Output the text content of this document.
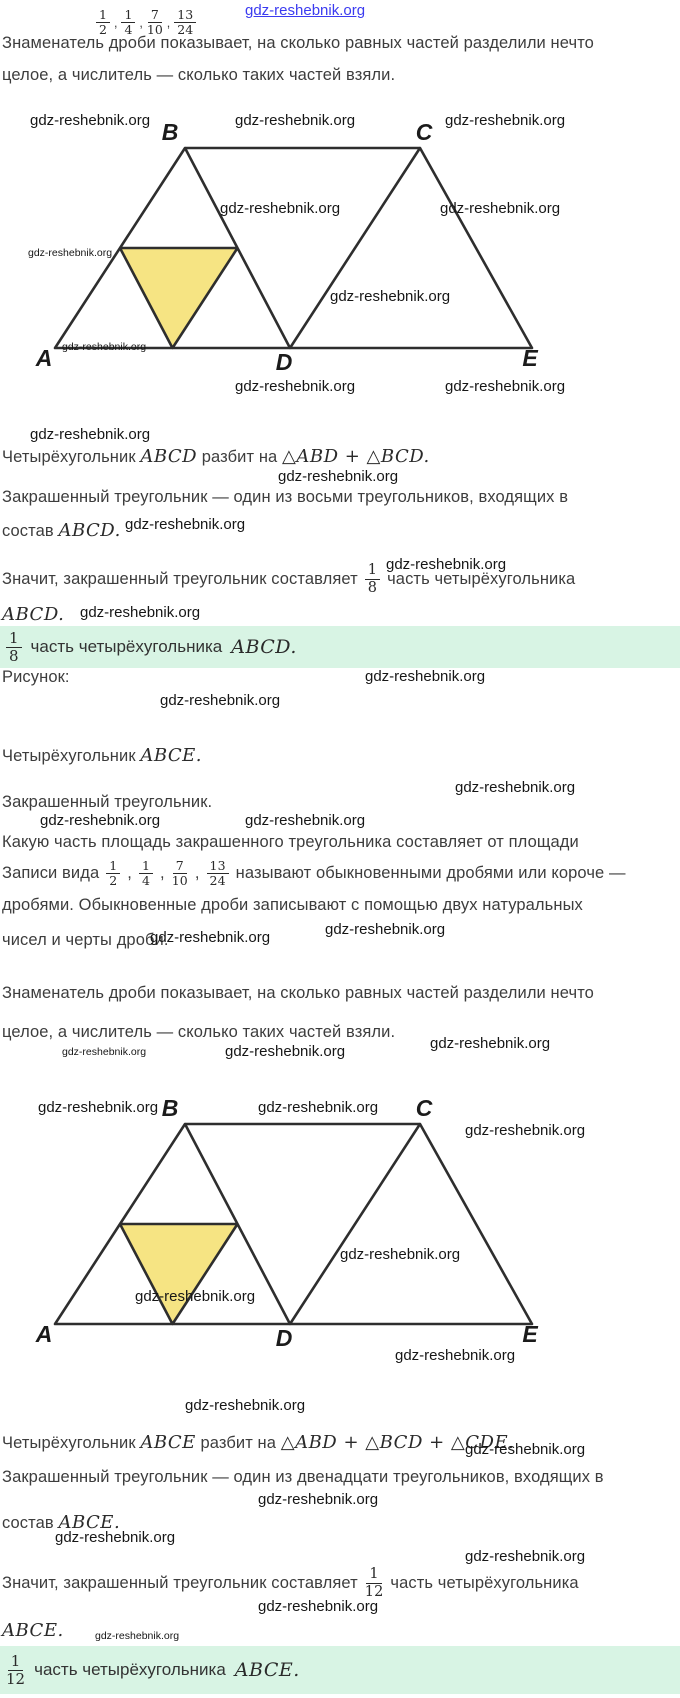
gdz-reshebnik.org
$\frac{1}{2}$ , $\frac{1}{4}$ , $\frac{7}{10}$ , $\frac{13}{24}$
Знаменатель дроби показывает, на сколько равных частей разделили нечто
целое, а числитель — сколько таких частей взяли.
gdz-reshebnik.org	gdz-reshebnik.org	gdz-reshebnik.org
B	C
A	D	E
gdz-reshebnik.org	gdz-reshebnik.org
gdz-reshebnik.org
gdz-reshebnik.org
gdz-reshebnik.org
gdz-reshebnik.org	gdz-reshebnik.org
gdz-reshebnik.org
Четырёхугольник ABCD разбит на △ABD + △BCD.
gdz-reshebnik.org
Закрашенный треугольник — один из восьми треугольников, входящих в
состав ABCD. gdz-reshebnik.org
Значит, закрашенный треугольник составляет $\frac{1}{8}$ часть четырёхугольника
gdz-reshebnik.org
ABCD. gdz-reshebnik.org
$\frac{1}{8}$ часть четырёхугольника ABCD.
Рисунок:	gdz-reshebnik.org
gdz-reshebnik.org
Четырёхугольник ABCE.
gdz-reshebnik.org
Закрашенный треугольник.
gdz-reshebnik.org	gdz-reshebnik.org
Какую часть площадь закрашенного треугольника составляет от площади
Записи вида $\frac{1}{2}$ , $\frac{1}{4}$ , $\frac{7}{10}$ , $\frac{13}{24}$ называют обыкновенными дробями или короче —
дробями. Обыкновенные дроби записывают с помощью двух натуральных
чисел и черты дроби.
gdz-reshebnik.org
gdz-reshebnik.org
Знаменатель дроби показывает, на сколько равных частей разделили нечто
целое, а числитель — сколько таких частей взяли.
gdz-reshebnik.org
gdz-reshebnik.org
gdz-reshebnik.org
B	C
A	D	E
gdz-reshebnik.org	gdz-reshebnik.org
gdz-reshebnik.org
gdz-reshebnik.org
gdz-reshebnik.org
gdz-reshebnik.org
gdz-reshebnik.org
Четырёхугольник ABCE разбит на △ABD + △BCD + △CDE.
gdz-reshebnik.org
Закрашенный треугольник — один из двенадцати треугольников, входящих в
gdz-reshebnik.org
состав ABCE.
gdz-reshebnik.org
gdz-reshebnik.org
Значит, закрашенный треугольник составляет $\frac{1}{12}$ часть четырёхугольника
gdz-reshebnik.org
ABCE.	gdz-reshebnik.org
$\frac{1}{12}$ часть четырёхугольника ABCE.
